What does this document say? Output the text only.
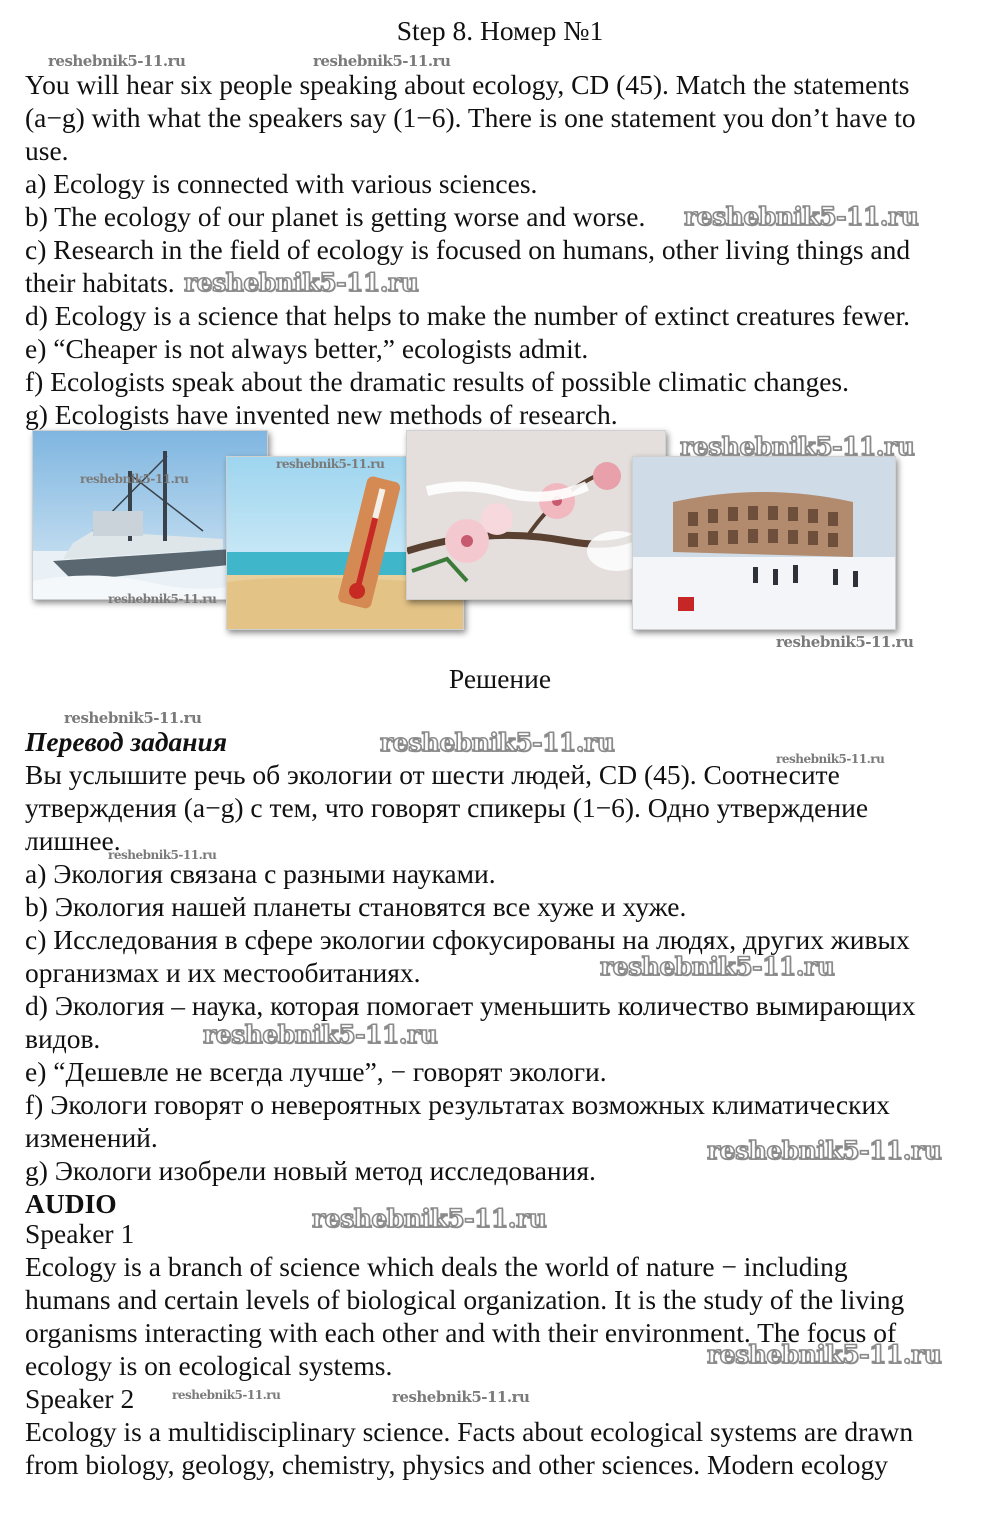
Step 8. Номер №1
You will hear six people speaking about ecology, CD (45). Match the statements
(a−g) with what the speakers say (1−6). There is one statement you don’t have to
use.
a) Ecology is connected with various sciences.
b) The ecology of our planet is getting worse and worse.
c) Research in the field of ecology is focused on humans, other living things and
their habitats.
d) Ecology is a science that helps to make the number of extinct creatures fewer.
e) “Cheaper is not always better,” ecologists admit.
f) Ecologists speak about the dramatic results of possible climatic changes.
g) Ecologists have invented new methods of research.
Решение
Перевод задания
Вы услышите речь об экологии от шести людей, CD (45). Соотнесите
утверждения (a−g) с тем, что говорят спикеры (1−6). Одно утверждение
лишнее.
a) Экология связана с разными науками.
b) Экология нашей планеты становятся все хуже и хуже.
c) Исследования в сфере экологии сфокусированы на людях, других живых
организмах и их местообитаниях.
d) Экология – наука, которая помогает уменьшить количество вымирающих
видов.
e) “Дешевле не всегда лучше”, − говорят экологи.
f) Экологи говорят о невероятных результатах возможных климатических
изменений.
g) Экологи изобрели новый метод исследования.
AUDIO
Speaker 1
Ecology is a branch of science which deals the world of nature − including
humans and certain levels of biological organization. It is the study of the living
organisms interacting with each other and with their environment. The focus of
ecology is on ecological systems.
Speaker 2
Ecology is a multidisciplinary science. Facts about ecological systems are drawn
from biology, geology, chemistry, physics and other sciences. Modern ecology
reshebnik5-11.ru	reshebnik5-11.ru
reshebnik5-11.ru
reshebnik5-11.ru
reshebnik5-11.ru
reshebnik5-11.ru
reshebnik5-11.ru
reshebnik5-11.ru
reshebnik5-11.ru
reshebnik5-11.ru
reshebnik5-11.ru
reshebnik5-11.ru
reshebnik5-11.ru
reshebnik5-11.ru
reshebnik5-11.ru
reshebnik5-11.ru
reshebnik5-11.ru
reshebnik5-11.ru
reshebnik5-11.ru	reshebnik5-11.ru
